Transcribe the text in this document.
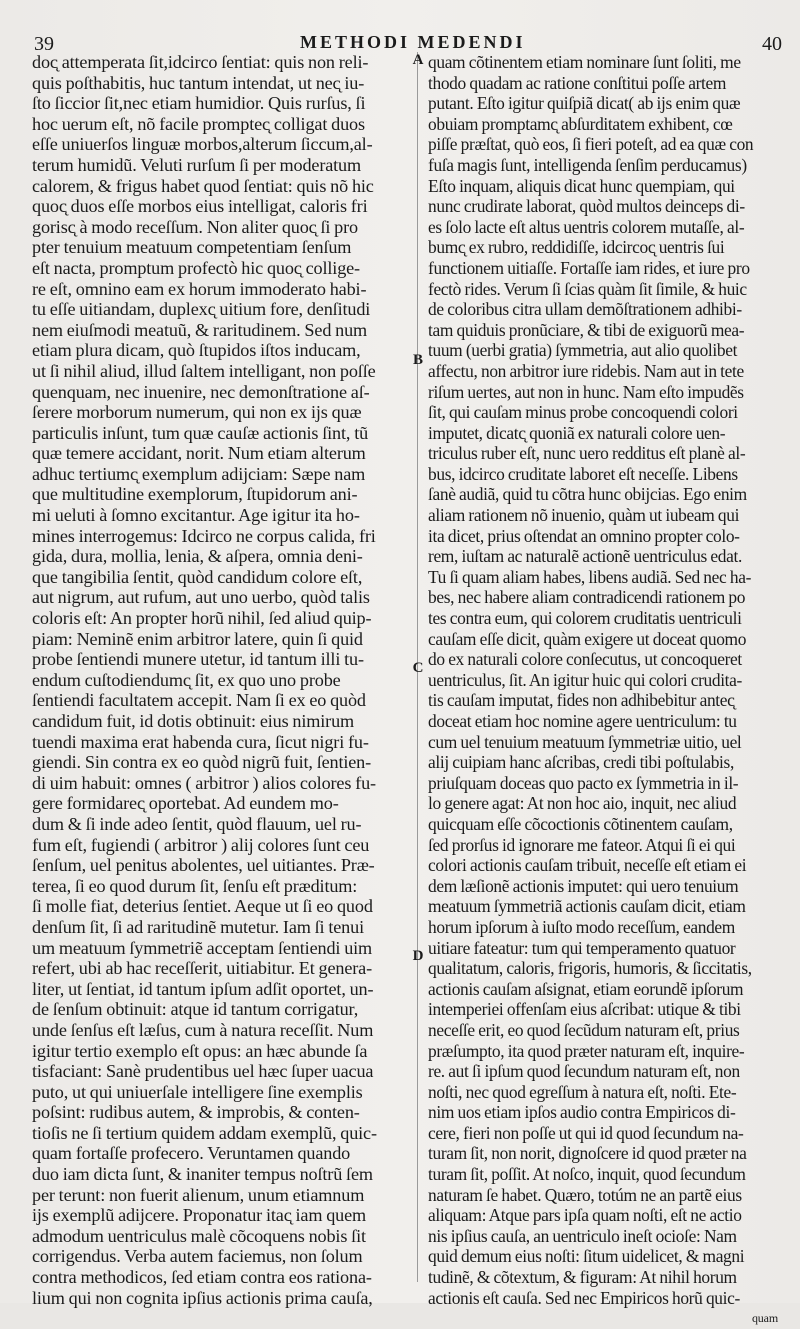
39	METHODI MEDENDI	40
doc̨ attemperata ſit,idcirco ſentiat: quis non reli-
quis poſthabitis, huc tantum intendat, ut nec̨ iu-
ſto ſiccior ſit,nec etiam humidior. Quis rurſus, ſi
hoc uerum eſt, nõ facile promptec̨ colligat duos
eſſe uniuerſos linguæ morbos,alterum ſiccum,al-
terum humidũ. Veluti rurſum ſi per moderatum
calorem, & frigus habet quod ſentiat: quis nõ hic
quoc̨ duos eſſe morbos eius intelligat, caloris fri
gorisc̨ à modo receſſum. Non aliter quoc̨ ſi pro
pter tenuium meatuum competentiam ſenſum
eſt nacta, promptum profectò hic quoc̨ collige-
re eſt, omnino eam ex horum immoderato habi-
tu eſſe uitiandam, duplexc̨ uitium fore, denſitudi
nem eiuſmodi meatuũ, & raritudinem. Sed num
etiam plura dicam, quò ſtupidos iſtos inducam,
ut ſi nihil aliud, illud ſaltem intelligant, non poſſe
quenquam, nec inuenire, nec demonſtratione aſ-
ſerere morborum numerum, qui non ex ijs quæ
particulis inſunt, tum quæ cauſæ actionis ſint, tũ
quæ temere accidant, norit. Num etiam alterum
adhuc tertiumc̨ exemplum adijciam: Sæpe nam
que multitudine exemplorum, ſtupidorum ani-
mi ueluti à ſomno excitantur. Age igitur ita ho-
mines interrogemus: Idcirco ne corpus calida, fri
gida, dura, mollia, lenia, & aſpera, omnia deni-
que tangibilia ſentit, quòd candidum colore eſt,
aut nigrum, aut rufum, aut uno uerbo, quòd talis
coloris eſt: An propter horũ nihil, ſed aliud quip-
piam: Neminẽ enim arbitror latere, quin ſi quid
probe ſentiendi munere utetur, id tantum illi tu-
endum cuſtodiendumc̨ ſit, ex quo uno probe
ſentiendi facultatem accepit. Nam ſi ex eo quòd
candidum fuit, id dotis obtinuit: eius nimirum
tuendi maxima erat habenda cura, ſicut nigri fu-
giendi. Sin contra ex eo quòd nigrũ fuit, ſentien-
di uim habuit: omnes ( arbitror ) alios colores fu-
gere formidarec̨ oportebat. Ad eundem mo-
dum & ſi inde adeo ſentit, quòd flauum, uel ru-
fum eſt, fugiendi ( arbitror ) alij colores ſunt ceu
ſenſum, uel penitus abolentes, uel uitiantes. Præ-
terea, ſi eo quod durum ſit, ſenſu eſt præditum:
ſi molle fiat, deterius ſentiet. Aeque ut ſi eo quod
denſum ſit, ſi ad raritudinẽ mutetur. Iam ſi tenui
um meatuum ſymmetriẽ acceptam ſentiendi uim
refert, ubi ab hac receſſerit, uitiabitur. Et genera-
liter, ut ſentiat, id tantum ipſum adſit oportet, un-
de ſenſum obtinuit: atque id tantum corrigatur,
unde ſenſus eſt læſus, cum à natura receſſit. Num
igitur tertio exemplo eſt opus: an hæc abunde ſa
tisfaciant: Sanè prudentibus uel hæc ſuper uacua
puto, ut qui uniuerſale intelligere ſine exemplis
poſsint: rudibus autem, & improbis, & conten-
tioſis ne ſi tertium quidem addam exemplũ, quic-
quam fortaſſe profecero. Veruntamen quando
duo iam dicta ſunt, & inaniter tempus noſtrũ ſem
per terunt: non fuerit alienum, unum etiamnum
ijs exemplũ adijcere. Proponatur itac̨ iam quem
admodum uentriculus malè cõcoquens nobis ſit
corrigendus. Verba autem faciemus, non ſolum
contra methodicos, ſed etiam contra eos rationa-
lium qui non cognita ipſius actionis prima cauſa,
A
B
C
D
quam cõtinentem etiam nominare ſunt ſoliti, me
thodo quadam ac ratione conſtitui poſſe artem
putant. Eſto igitur quiſpiã dicat( ab ijs enim quæ
obuiam promptamc̨ abſurditatem exhibent, cœ
piſſe præſtat, quò eos, ſi fieri poteſt, ad ea quæ con
fuſa magis ſunt, intelligenda ſenſim perducamus)
Eſto inquam, aliquis dicat hunc quempiam, qui
nunc crudirate laborat, quòd multos deinceps di-
es ſolo lacte eſt altus uentris colorem mutaſſe, al-
bumc̨ ex rubro, reddidiſſe, idcircoc̨ uentris ſui
functionem uitiaſſe. Fortaſſe iam rides, et iure pro
fectò rides. Verum ſi ſcias quàm ſit ſimile, & huic
de coloribus citra ullam demõſtrationem adhibi-
tam quiduis pronũciare, & tibi de exiguorũ mea-
tuum (uerbi gratia) ſymmetria, aut alio quolibet
affectu, non arbitror iure ridebis. Nam aut in tete
riſum uertes, aut non in hunc. Nam eſto impudẽs
ſit, qui cauſam minus probe concoquendi colori
imputet, dicatc̨ quoniã ex naturali colore uen-
triculus ruber eſt, nunc uero redditus eſt planè al-
bus, idcirco cruditate laboret eſt neceſſe. Libens
ſanè audiã, quid tu cõtra hunc obijcias. Ego enim
aliam rationem nõ inuenio, quàm ut iubeam qui
ita dicet, prius oſtendat an omnino propter colo-
rem, iuſtam ac naturalẽ actionẽ uentriculus edat.
Tu ſi quam aliam habes, libens audiã. Sed nec ha-
bes, nec habere aliam contradicendi rationem po
tes contra eum, qui colorem cruditatis uentriculi
cauſam eſſe dicit, quàm exigere ut doceat quomo
do ex naturali colore conſecutus, ut concoqueret
uentriculus, ſit. An igitur huic qui colori crudita-
tis cauſam imputat, fides non adhibebitur antec̨
doceat etiam hoc nomine agere uentriculum: tu
cum uel tenuium meatuum ſymmetriæ uitio, uel
alij cuipiam hanc aſcribas, credi tibi poſtulabis,
priuſquam doceas quo pacto ex ſymmetria in il-
lo genere agat: At non hoc aio, inquit, nec aliud
quicquam eſſe cõcoctionis cõtinentem cauſam,
ſed prorſus id ignorare me fateor. Atqui ſi ei qui
colori actionis cauſam tribuit, neceſſe eſt etiam ei
dem læſionẽ actionis imputet: qui uero tenuium
meatuum ſymmetriã actionis cauſam dicit, etiam
horum ipſorum à iuſto modo receſſum, eandem
uitiare fateatur: tum qui temperamento quatuor
qualitatum, caloris, frigoris, humoris, & ſiccitatis,
actionis cauſam aſsignat, etiam eorundẽ ipſorum
intemperiei offenſam eius aſcribat: utique & tibi
neceſſe erit, eo quod ſecũdum naturam eſt, prius
præſumpto, ita quod præter naturam eſt, inquire-
re. aut ſi ipſum quod ſecundum naturam eſt, non
noſti, nec quod egreſſum à natura eſt, noſti. Ete-
nim uos etiam ipſos audio contra Empiricos di-
cere, fieri non poſſe ut qui id quod ſecundum na-
turam ſit, non norit, dignoſcere id quod præter na
turam ſit, poſſit. At noſco, inquit, quod ſecundum
naturam ſe habet. Quæro, totúm ne an partẽ eius
aliquam: Atque pars ipſa quam noſti, eſt ne actio
nis ipſius cauſa, an uentriculo ineſt ocioſe: Nam
quid demum eius noſti: ſitum uidelicet, & magni
tudinẽ, & cõtextum, & figuram: At nihil horum
actionis eſt cauſa. Sed nec Empiricos horũ quic-
quam
